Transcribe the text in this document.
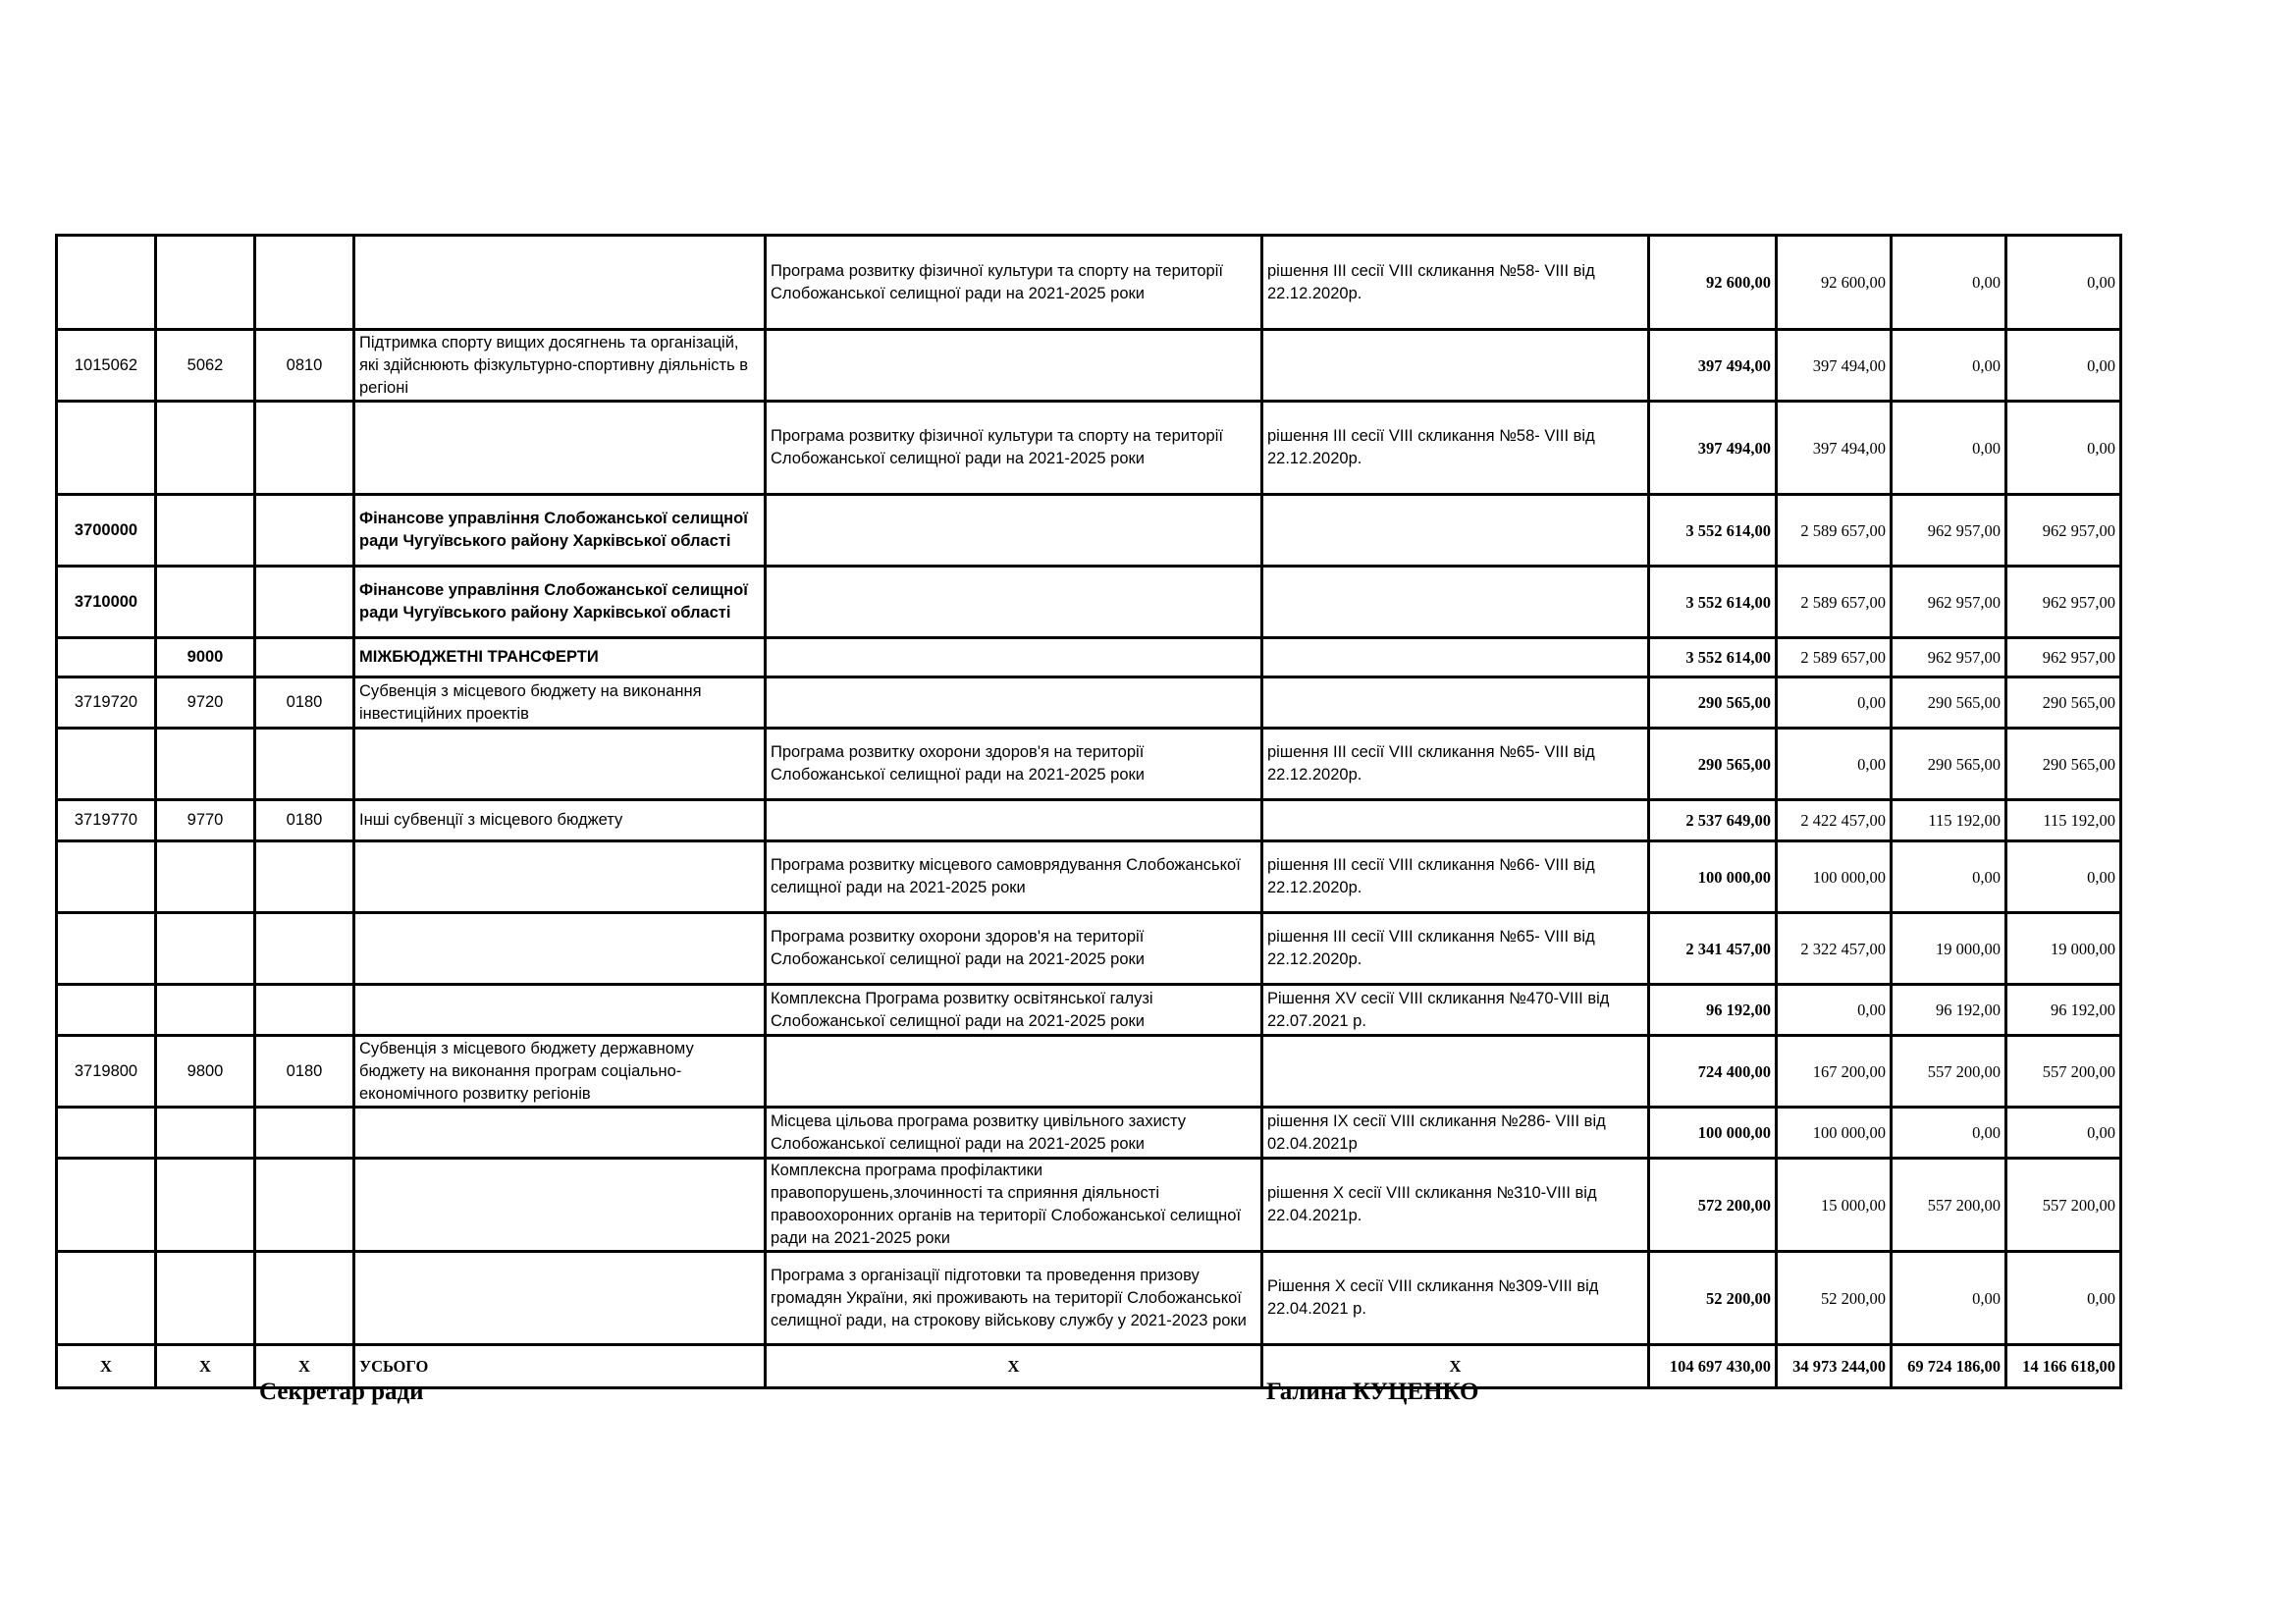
				Програма розвитку фізичної культури та спорту на території Слобожанської селищної ради на 2021-2025 роки	рішення ІІІ сесії VIII скликання №58- VIII від 22.12.2020р.	92 600,00	92 600,00	0,00	0,00
1015062	5062	0810	Підтримка спорту вищих досягнень та організацій, які здійснюють фізкультурно-спортивну діяльність в регіоні			397 494,00	397 494,00	0,00	0,00
				Програма розвитку фізичної культури та спорту на території Слобожанської селищної ради на 2021-2025 роки	рішення ІІІ сесії VIII скликання №58- VIII від 22.12.2020р.	397 494,00	397 494,00	0,00	0,00
3700000			Фінансове управління Слобожанської селищної ради Чугуївського району Харківської області			3 552 614,00	2 589 657,00	962 957,00	962 957,00
3710000			Фінансове управління Слобожанської селищної ради Чугуївського району Харківської області			3 552 614,00	2 589 657,00	962 957,00	962 957,00
	9000		МІЖБЮДЖЕТНІ ТРАНСФЕРТИ			3 552 614,00	2 589 657,00	962 957,00	962 957,00
3719720	9720	0180	Субвенція з місцевого бюджету на виконання інвестиційних проектів			290 565,00	0,00	290 565,00	290 565,00
				Програма розвитку охорони здоров'я на території Слобожанської селищної ради на 2021-2025 роки	рішення ІІІ сесії VIII скликання №65- VIII від 22.12.2020р.	290 565,00	0,00	290 565,00	290 565,00
3719770	9770	0180	Інші субвенції з місцевого бюджету			2 537 649,00	2 422 457,00	115 192,00	115 192,00
				Програма розвитку місцевого самоврядування Слобожанської селищної ради на 2021-2025 роки	рішення ІІІ сесії VIII скликання №66- VIII від 22.12.2020р.	100 000,00	100 000,00	0,00	0,00
				Програма розвитку охорони здоров'я на території Слобожанської селищної ради на 2021-2025 роки	рішення ІІІ сесії VIII скликання №65- VIII від 22.12.2020р.	2 341 457,00	2 322 457,00	19 000,00	19 000,00
				Комплексна Програма розвитку освітянської галузі Слобожанської селищної ради на 2021-2025 роки	Рішення XV сесії VIII скликання №470-VIII від 22.07.2021 р.	96 192,00	0,00	96 192,00	96 192,00
3719800	9800	0180	Субвенція з місцевого бюджету державному бюджету на виконання програм соціально-економічного розвитку регіонів			724 400,00	167 200,00	557 200,00	557 200,00
				Місцева цільова програма розвитку цивільного захисту Слобожанської селищної ради на 2021-2025 роки	рішення ІХ сесії VIII скликання №286- VIII від 02.04.2021р	100 000,00	100 000,00	0,00	0,00
				Комплексна програма профілактики правопорушень,злочинності та сприяння діяльності правоохоронних органів на території Слобожанської селищної ради на 2021-2025 роки	рішення Х сесії VIII скликання №310-VIII від 22.04.2021р.	572 200,00	15 000,00	557 200,00	557 200,00
				Програма з організації підготовки та проведення призову громадян України, які проживають на території Слобожанської селищної ради, на строкову військову службу у 2021-2023 роки	Рішення Х сесії VIII скликання №309-VIII від 22.04.2021 р.	52 200,00	52 200,00	0,00	0,00
Х	Х	Х	УСЬОГО	Х	Х	104 697 430,00	34 973 244,00	69 724 186,00	14 166 618,00
Секретар ради	Галина КУЦЕНКО
